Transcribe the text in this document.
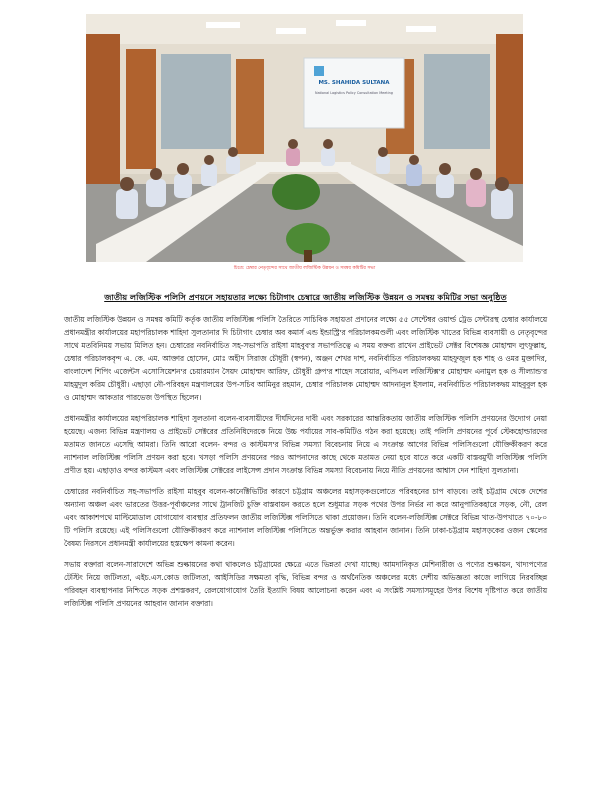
MS. SHAHIDA SULTANA
National Logistics Policy Consultation Meeting
চিত্রে: চেম্বার নেতৃবৃন্দের সাথে জাতীয় লজিস্টিক উন্নয়ন ও সমন্বয় কমিটির সভা
জাতীয় লজিস্টিক পলিসি প্রণয়নে সহায়তার লক্ষ্যে চিটাগাং চেম্বারে জাতীয় লজিস্টিক উন্নয়ন ও সমন্বয় কমিটির সভা অনুষ্ঠিত

জাতীয় লজিস্টিক উন্নয়ন ও সমন্বয় কমিটি কর্তৃক জাতীয় লজিস্টিক্স পলিসি তৈরিতে সাচিবিক সহায়তা প্রদানের লক্ষ্যে ৫৫ সেন্টেম্বর ওয়ার্ল্ড ট্রেড সেন্টারস্থ চেম্বার কার্যালয়ে প্রধানমন্ত্রীর কার্যালয়ের মহাপরিচালক শাহিদা সুলতানার দি চিটাগাং চেম্বার অব কমার্স এন্ড ইন্ডাস্ট্রি'র পরিচালকমণ্ডলী এবং লজিস্টিক খাতের বিভিন্ন ব্যবসায়ী ও নেতৃবৃন্দের সাথে মতবিনিময় সভায় মিলিত হন। চেম্বারের নবনির্বাচিত সহ-সভাপতি রাইসা মাহবুব'র সভাপতিত্বে এ সময় বক্তব্য রাখেন প্রাইভেট সেক্টর বিশেষজ্ঞ মোহাম্মদ লুৎফুল্লাহ, চেম্বার পরিচালকবৃন্দ এ. কে. এম. আক্তার হোসেন, মোঃ অহীদ সিরাজ চৌধুরী (স্বপন), অঞ্জন শেখর দাশ, নবনির্বাচিত পরিচালকদ্বয় মাহফুজুল হক শাহ ও ওমর মুক্তাদির, বাংলাদেশ শিপিং এজেন্টস এসোসিয়েশন'র চেয়ারম্যান সৈয়দ মোহাম্মদ আরিফ, চৌধুরী গ্রুপ'র শাহেদ সরোয়ার, এপিএল লজিস্টিক্স'র মোহাম্মদ এনামুল হক ও সীল্যান্ড'র মাহমুদুল করিম চৌধুরী। এছাড়া নৌ-পরিবহন মন্ত্রণালয়ের উপ-সচিব আমিনুর রহমান, চেম্বার পরিচালক মোহাম্মদ আদনানুল ইসলাম, নবনির্বাচিত পরিচালকদ্বয় মাহবুবুল হক ও মোহাম্মদ আকতার পারভেজ উপস্থিত ছিলেন।

প্রধানমন্ত্রীর কার্যালয়ের মহাপরিচালক শাহিদা সুলতানা বলেন-ব্যবসায়ীদের দীর্ঘদিনের দাবী এবং সরকারের আন্তরিকতায় জাতীয় লজিস্টিক পলিসি প্রণয়নের উদ্যোগ নেয়া হয়েছে। এজন্য বিভিন্ন মন্ত্রণালয় ও প্রাইভেট সেক্টরের প্রতিনিধিদেরকে নিয়ে উচ্চ পর্যায়ের সাব-কমিটিও গঠন করা হয়েছে। তাই পলিসি প্রণয়নের পূর্বে স্টেকহোল্ডারদের মতামত জানতে এসেছি আমরা। তিনি আরো বলেন- বন্দর ও কাস্টমস'র বিভিন্ন সমস্যা বিবেচনায় নিয়ে এ সংক্রান্ত আগের বিভিন্ন পলিসিগুলো যৌক্তিকীকরণ করে ন্যাশনাল লজিস্টিক্স পলিসি প্রণয়ন করা হবে। খসড়া পলিসি প্রণয়নের পরও আপনাদের কাছে থেকে মতামত নেয়া হবে যাতে করে একটি বাস্তবমুখী লজিস্টিক্স পলিসি প্রণীত হয়। এছাড়াও বন্দর কাস্টমস এবং লজিস্টিক্স সেক্টরের লাইসেন্স প্রদান সংক্রান্ত বিভিন্ন সমস্যা বিবেচনায় নিয়ে নীতি প্রণয়নের আশ্বাস দেন শাহিদা সুলতানা।

চেম্বারের নবনির্বাচিত সহ-সভাপতি রাইসা মাহবুব বলেন-কানেক্টিভিটির কারণে চট্টগ্রাম অঞ্চলের মহাসড়কগুলোতে পরিবহনের চাপ বাড়বে। তাই চট্টগ্রাম থেকে দেশের অন্যান্য অঞ্চল এবং ভারতের উত্তর-পূর্বাঞ্চলের সাথে ট্রানজিট চুক্তি বাস্তবায়ন করতে হলে শুধুমাত্র সড়ক পথের উপর নির্ভর না করে আনুপাতিকহারে সড়ক, নৌ, রেল এবং আকাশপথে মাল্টিমোডাল যোগাযোগ ব্যবস্থার প্রতিফলন জাতীয় লজিস্টিক্স পলিসিতে থাকা প্রয়োজন। তিনি বলেন-লজিস্টিক্স সেক্টরে বিভিন্ন খাত-উপখাতে ৭০-৮০ টি পলিসি রয়েছে। এই পলিসিগুলো যৌক্তিকীকরণ করে ন্যাশনাল লজিস্টিক্স পলিসিতে অন্তর্ভুক্ত করার আহবান জানান। তিনি ঢাকা-চট্টগ্রাম মহাসড়কের ওজন স্কেলের বৈষম্য নিরসনে প্রধানমন্ত্রী কার্যালয়ের হস্তক্ষেপ কামনা করেন।

সভায় বক্তারা বলেন-সারাদেশে অভিন্ন শুল্কায়নের কথা থাকলেও চট্টগ্রামের ক্ষেত্রে এতে ভিন্নতা দেখা যাচ্ছে। আমদানিকৃত মেশিনারীজ ও পণ্যের শুল্কায়ন, খাদ্যপণ্যের টেস্টিং নিয়ে জটিলতা, এইচ.এস.কোড জটিলতা, আইসিডির সক্ষমতা বৃদ্ধি, বিভিন্ন বন্দর ও অর্থনৈতিক অঞ্চলের মধ্যে দেশীয় অভিজ্ঞতা কাজে লাগিয়ে নিরবচ্ছিন্ন পরিবহন ব্যবস্থাপনার নিশ্চিতে সড়ক প্রশস্তকরণ, রেলযোগাযোগ তৈরি ইত্যাদি বিষয় আলোচনা করেন এবং এ সংশ্লিষ্ট সমস্যাসমূহের উপর বিশেষ দৃষ্টিপাত করে জাতীয় লজিস্টিক্স পলিসি প্রণয়নের আহবান জানান বক্তারা।
